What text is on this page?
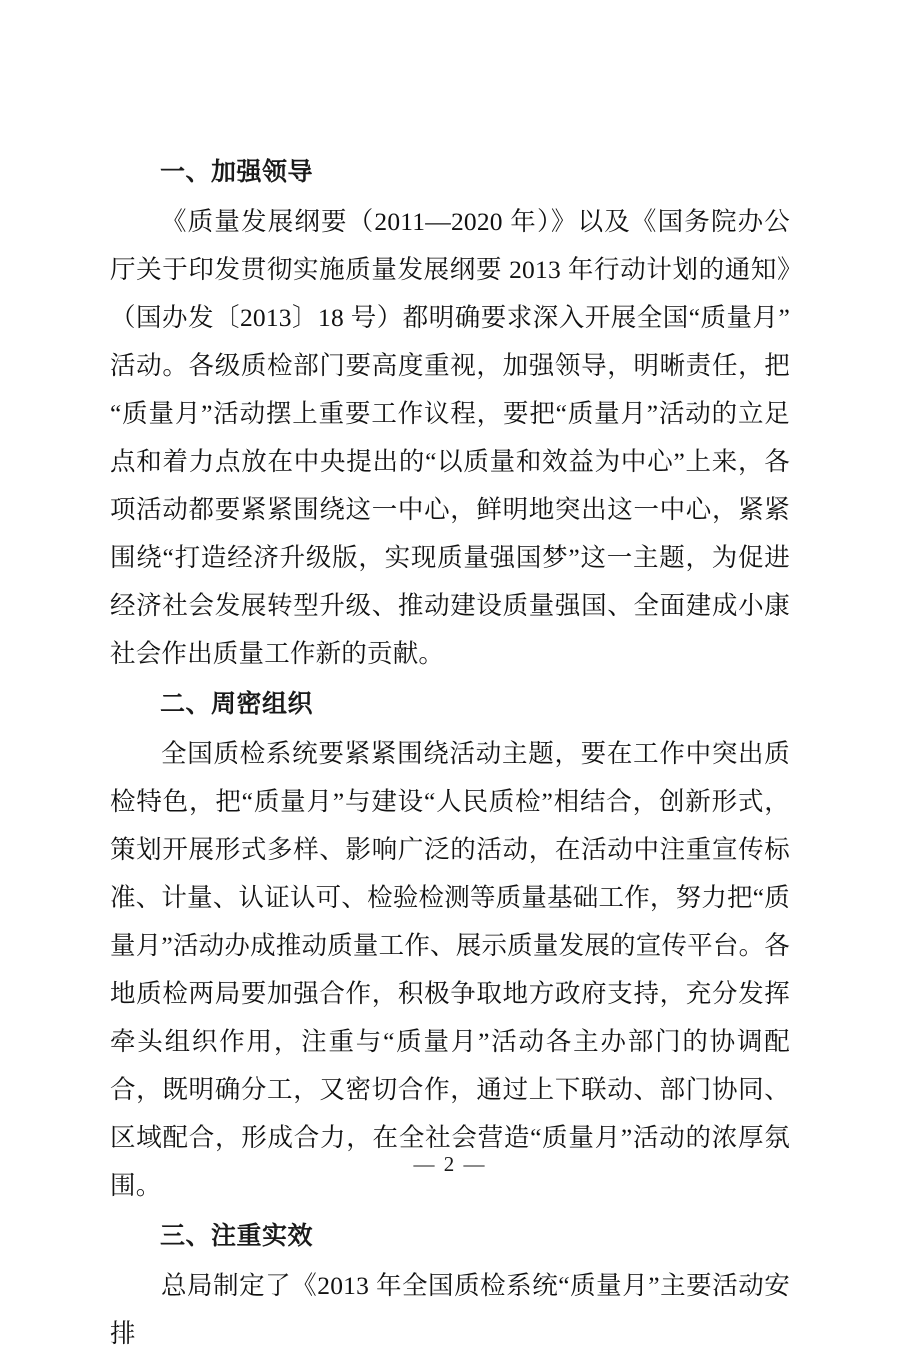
一、加强领导

《质量发展纲要（2011—2020 年）》以及《国务院办公厅关于印发贯彻实施质量发展纲要 2013 年行动计划的通知》（国办发〔2013〕18 号）都明确要求深入开展全国“质量月”活动。各级质检部门要高度重视，加强领导，明晰责任，把“质量月”活动摆上重要工作议程，要把“质量月”活动的立足点和着力点放在中央提出的“以质量和效益为中心”上来，各项活动都要紧紧围绕这一中心，鲜明地突出这一中心，紧紧围绕“打造经济升级版，实现质量强国梦”这一主题，为促进经济社会发展转型升级、推动建设质量强国、全面建成小康社会作出质量工作新的贡献。

二、周密组织

全国质检系统要紧紧围绕活动主题，要在工作中突出质检特色，把“质量月”与建设“人民质检”相结合，创新形式，策划开展形式多样、影响广泛的活动，在活动中注重宣传标准、计量、认证认可、检验检测等质量基础工作，努力把“质量月”活动办成推动质量工作、展示质量发展的宣传平台。各地质检两局要加强合作，积极争取地方政府支持，充分发挥牵头组织作用，注重与“质量月”活动各主办部门的协调配合，既明确分工，又密切合作，通过上下联动、部门协同、区域配合，形成合力，在全社会营造“质量月”活动的浓厚氛围。

三、注重实效

总局制定了《2013 年全国质检系统“质量月”主要活动安排

— 2 —
